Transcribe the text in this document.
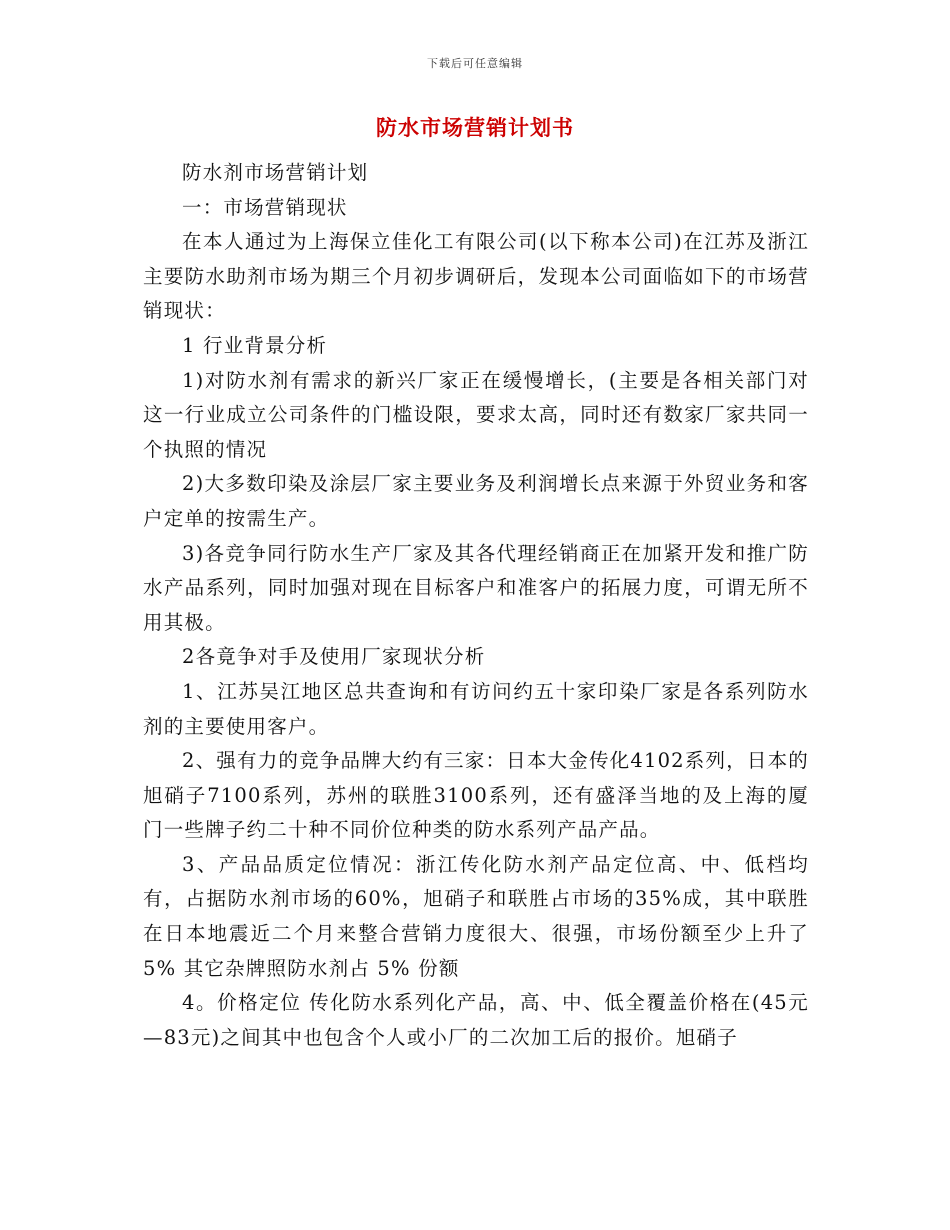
下载后可任意编辑
防水市场营销计划书

防水剂市场营销计划

一：市场营销现状

在本人通过为上海保立佳化工有限公司(以下称本公司)在江苏及浙江主要防水助剂市场为期三个月初步调研后，发现本公司面临如下的市场营销现状：

1 行业背景分析

1)对防水剂有需求的新兴厂家正在缓慢增长，(主要是各相关部门对这一行业成立公司条件的门槛设限，要求太高，同时还有数家厂家共同一个执照的情况

2)大多数印染及涂层厂家主要业务及利润增长点来源于外贸业务和客户定单的按需生产。

3)各竞争同行防水生产厂家及其各代理经销商正在加紧开发和推广防水产品系列，同时加强对现在目标客户和准客户的拓展力度，可谓无所不用其极。

2各竟争对手及使用厂家现状分析

1、江苏吴江地区总共查询和有访问约五十家印染厂家是各系列防水剂的主要使用客户。

2、强有力的竞争品牌大约有三家：日本大金传化4102系列，日本的旭硝子7100系列，苏州的联胜3100系列，还有盛泽当地的及上海的厦门一些牌子约二十种不同价位种类的防水系列产品产品。

3、产品品质定位情况：浙江传化防水剂产品定位高、中、低档均有，占据防水剂市场的60%，旭硝子和联胜占市场的35%成，其中联胜在日本地震近二个月来整合营销力度很大、很强，市场份额至少上升了5% 其它杂牌照防水剂占 5% 份额

4。价格定位 传化防水系列化产品，高、中、低全覆盖价格在(45元—83元)之间其中也包含个人或小厂的二次加工后的报价。旭硝子
